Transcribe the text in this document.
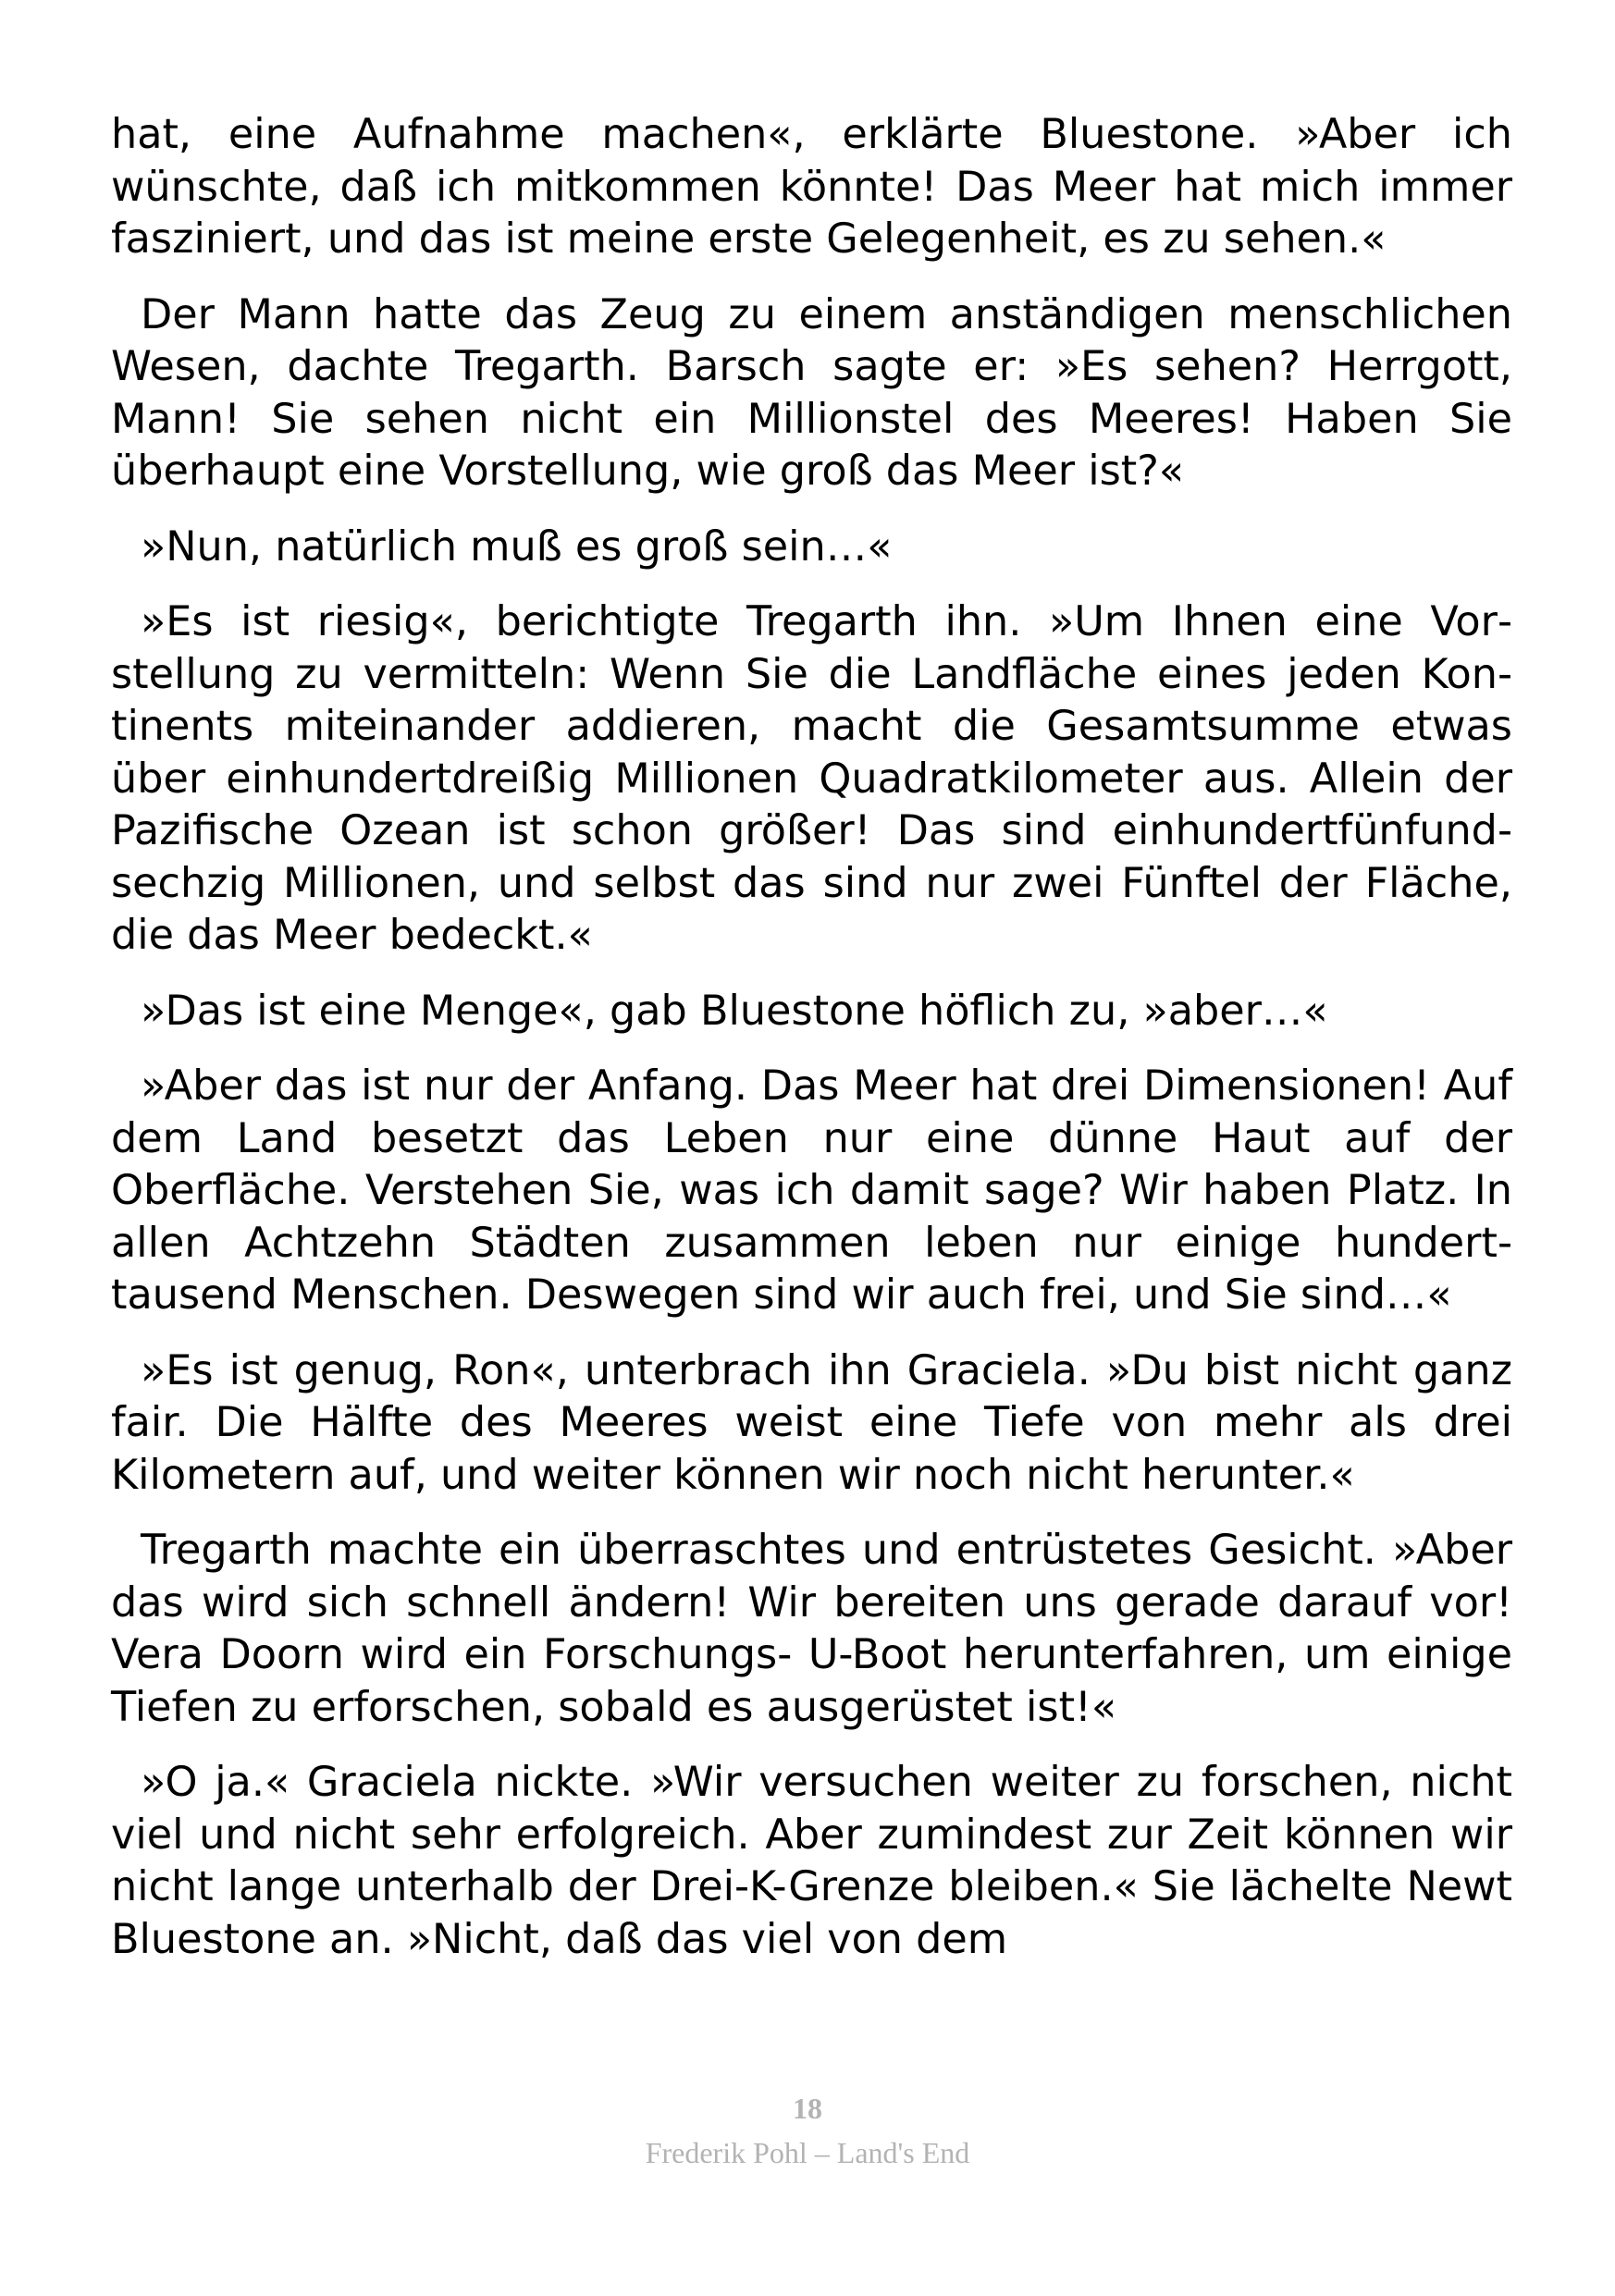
hat, eine Aufnahme machen«, erklärte Bluestone. »Aber ich wünschte, daß ich mitkommen könnte! Das Meer hat mich immer fasziniert, und das ist meine erste Gelegenheit, es zu sehen.«

Der Mann hatte das Zeug zu einem anständigen menschlichen Wesen, dachte Tregarth. Barsch sagte er: »Es sehen? Herrgott, Mann! Sie sehen nicht ein Millionstel des Meeres! Haben Sie überhaupt eine Vorstellung, wie groß das Meer ist?«

»Nun, natürlich muß es groß sein…«

»Es ist riesig«, berichtigte Tregarth ihn. »Um Ihnen eine Vorstellung zu vermitteln: Wenn Sie die Landfläche eines jeden Kontinents miteinander addieren, macht die Gesamtsumme etwas über einhundertdreißig Millionen Quadratkilometer aus. Allein der Pazifische Ozean ist schon größer! Das sind einhundertfünfundsechzig Millionen, und selbst das sind nur zwei Fünftel der Fläche, die das Meer bedeckt.«

»Das ist eine Menge«, gab Bluestone höflich zu, »aber…«

»Aber das ist nur der Anfang. Das Meer hat drei Dimensionen! Auf dem Land besetzt das Leben nur eine dünne Haut auf der Oberfläche. Verstehen Sie, was ich damit sage? Wir haben Platz. In allen Achtzehn Städten zusammen leben nur einige hunderttausend Menschen. Deswegen sind wir auch frei, und Sie sind…«

»Es ist genug, Ron«, unterbrach ihn Graciela. »Du bist nicht ganz fair. Die Hälfte des Meeres weist eine Tiefe von mehr als drei Kilometern auf, und weiter können wir noch nicht herunter.«

Tregarth machte ein überraschtes und entrüstetes Gesicht. »Aber das wird sich schnell ändern! Wir bereiten uns gerade darauf vor! Vera Doorn wird ein Forschungs- U-Boot herunterfahren, um einige Tiefen zu erforschen, sobald es ausgerüstet ist!«

»O ja.« Graciela nickte. »Wir versuchen weiter zu forschen, nicht viel und nicht sehr erfolgreich. Aber zumindest zur Zeit können wir nicht lange unterhalb der Drei-K-Grenze bleiben.« Sie lächelte Newt Bluestone an. »Nicht, daß das viel von dem

18
Frederik Pohl – Land's End
